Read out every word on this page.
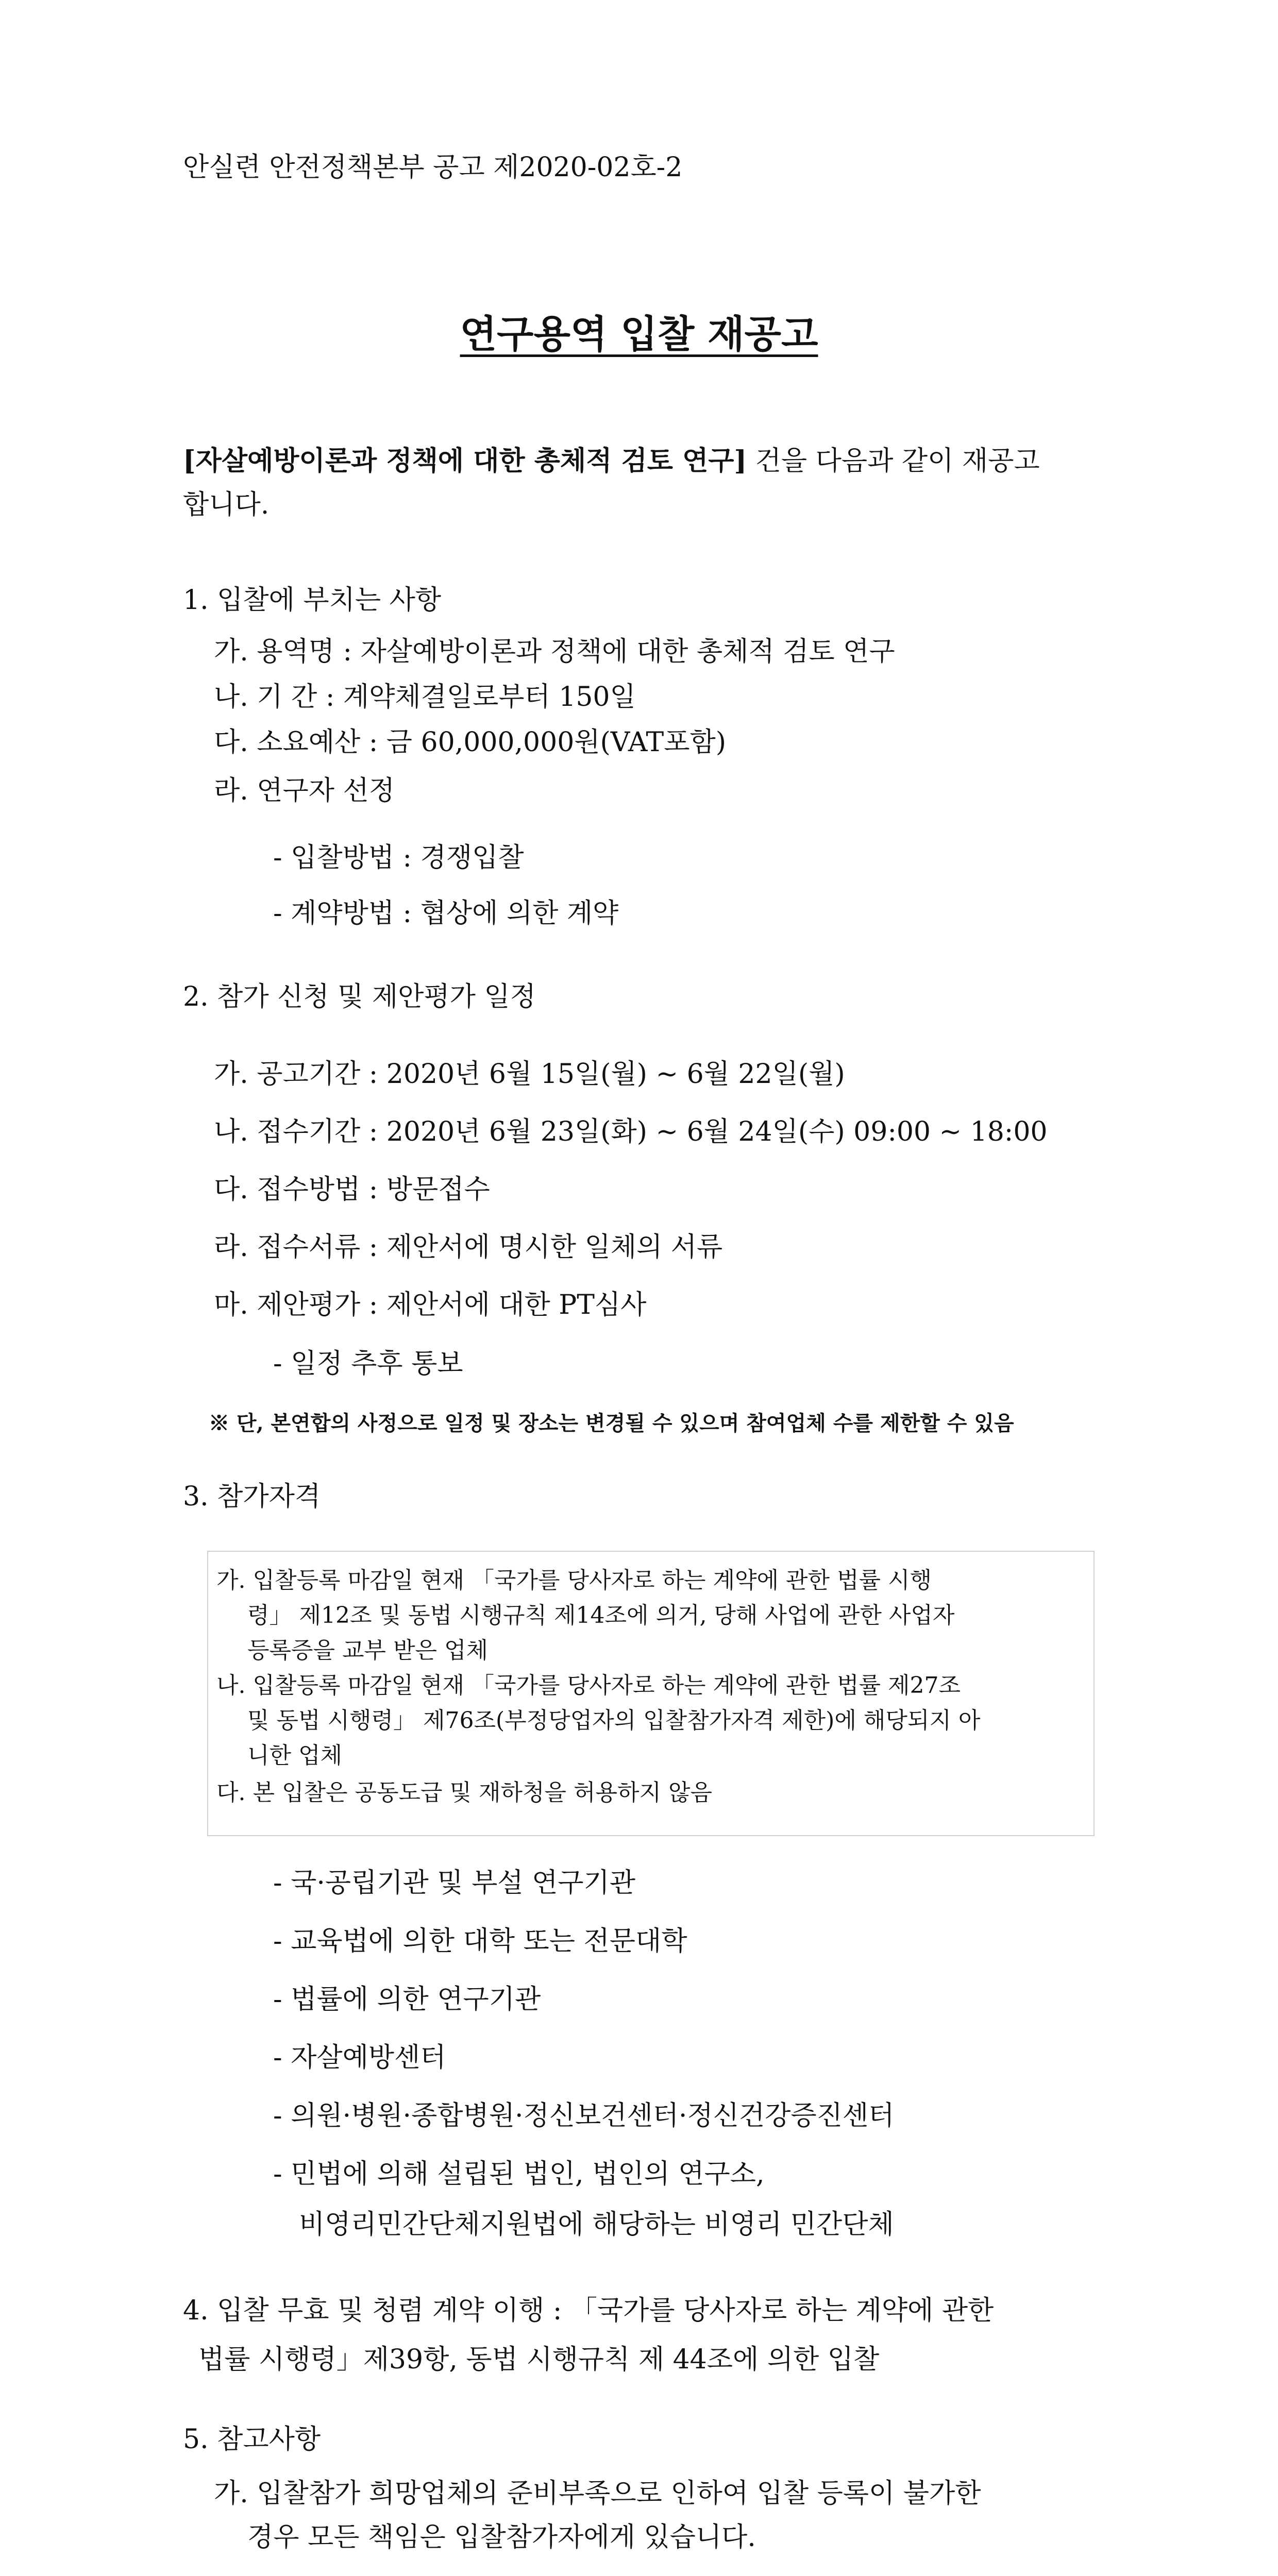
안실련 안전정책본부 공고 제2020-02호-2
연구용역 입찰 재공고
[자살예방이론과 정책에 대한 총체적 검토 연구] 건을 다음과 같이 재공고
합니다.
1. 입찰에 부치는 사항
가. 용역명 : 자살예방이론과 정책에 대한 총체적 검토 연구
나. 기 간 : 계약체결일로부터 150일
다. 소요예산 : 금 60,000,000원(VAT포함)
라. 연구자 선정
- 입찰방법 : 경쟁입찰
- 계약방법 : 협상에 의한 계약
2. 참가 신청 및 제안평가 일정
가. 공고기간 : 2020년 6월 15일(월) ~ 6월 22일(월)
나. 접수기간 : 2020년 6월 23일(화) ~ 6월 24일(수) 09:00 ~ 18:00
다. 접수방법 : 방문접수
라. 접수서류 : 제안서에 명시한 일체의 서류
마. 제안평가 : 제안서에 대한 PT심사
- 일정 추후 통보
※ 단, 본연합의 사정으로 일정 및 장소는 변경될 수 있으며 참여업체 수를 제한할 수 있음
3. 참가자격
가. 입찰등록 마감일 현재 「국가를 당사자로 하는 계약에 관한 법률 시행
령」 제12조 및 동법 시행규칙 제14조에 의거, 당해 사업에 관한 사업자
등록증을 교부 받은 업체
나. 입찰등록 마감일 현재 「국가를 당사자로 하는 계약에 관한 법률 제27조
및 동법 시행령」 제76조(부정당업자의 입찰참가자격 제한)에 해당되지 아
니한 업체
다. 본 입찰은 공동도급 및 재하청을 허용하지 않음
- 국·공립기관 및 부설 연구기관
- 교육법에 의한 대학 또는 전문대학
- 법률에 의한 연구기관
- 자살예방센터
- 의원·병원·종합병원·정신보건센터·정신건강증진센터
- 민법에 의해 설립된 법인, 법인의 연구소,
비영리민간단체지원법에 해당하는 비영리 민간단체
4. 입찰 무효 및 청렴 계약 이행 : 「국가를 당사자로 하는 계약에 관한
법률 시행령」제39항, 동법 시행규칙 제 44조에 의한 입찰
5. 참고사항
가. 입찰참가 희망업체의 준비부족으로 인하여 입찰 등록이 불가한
경우 모든 책임은 입찰참가자에게 있습니다.
